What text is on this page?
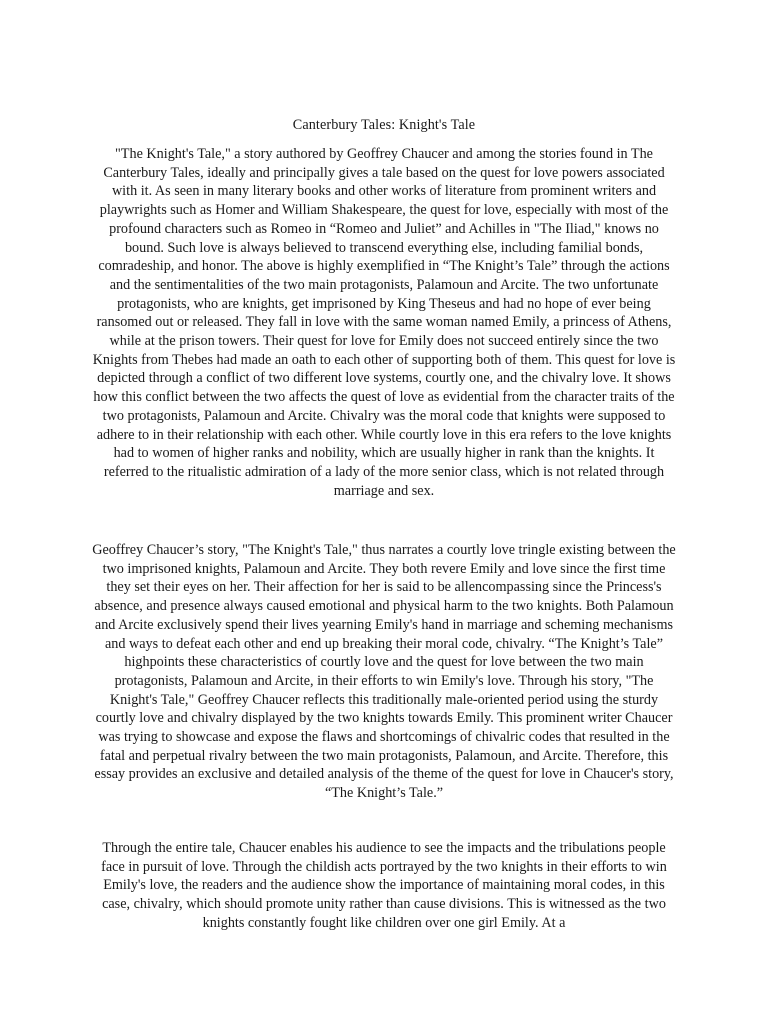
Canterbury Tales: Knight's Tale

"The Knight's Tale," a story authored by Geoffrey Chaucer and among the stories found in The Canterbury Tales, ideally and principally gives a tale based on the quest for love powers associated with it. As seen in many literary books and other works of literature from prominent writers and playwrights such as Homer and William Shakespeare, the quest for love, especially with most of the profound characters such as Romeo in “Romeo and Juliet” and Achilles in "The Iliad," knows no bound. Such love is always believed to transcend everything else, including familial bonds, comradeship, and honor. The above is highly exemplified in “The Knight’s Tale” through the actions and the sentimentalities of the two main protagonists, Palamoun and Arcite. The two unfortunate protagonists, who are knights, get imprisoned by King Theseus and had no hope of ever being ransomed out or released. They fall in love with the same woman named Emily, a princess of Athens, while at the prison towers. Their quest for love for Emily does not succeed entirely since the two Knights from Thebes had made an oath to each other of supporting both of them. This quest for love is depicted through a conflict of two different love systems, courtly one, and the chivalry love. It shows how this conflict between the two affects the quest of love as evidential from the character traits of the two protagonists, Palamoun and Arcite. Chivalry was the moral code that knights were supposed to adhere to in their relationship with each other. While courtly love in this era refers to the love knights had to women of higher ranks and nobility, which are usually higher in rank than the knights. It referred to the ritualistic admiration of a lady of the more senior class, which is not related through marriage and sex.

Geoffrey Chaucer’s story, "The Knight's Tale," thus narrates a courtly love tringle existing between the two imprisoned knights, Palamoun and Arcite. They both revere Emily and love since the first time they set their eyes on her. Their affection for her is said to be allencompassing since the Princess's absence, and presence always caused emotional and physical harm to the two knights. Both Palamoun and Arcite exclusively spend their lives yearning Emily's hand in marriage and scheming mechanisms and ways to defeat each other and end up breaking their moral code, chivalry. “The Knight’s Tale” highpoints these characteristics of courtly love and the quest for love between the two main protagonists, Palamoun and Arcite, in their efforts to win Emily's love. Through his story, "The Knight's Tale," Geoffrey Chaucer reflects this traditionally male-oriented period using the sturdy courtly love and chivalry displayed by the two knights towards Emily. This prominent writer Chaucer was trying to showcase and expose the flaws and shortcomings of chivalric codes that resulted in the fatal and perpetual rivalry between the two main protagonists, Palamoun, and Arcite. Therefore, this essay provides an exclusive and detailed analysis of the theme of the quest for love in Chaucer's story, “The Knight’s Tale.”

Through the entire tale, Chaucer enables his audience to see the impacts and the tribulations people face in pursuit of love. Through the childish acts portrayed by the two knights in their efforts to win Emily's love, the readers and the audience show the importance of maintaining moral codes, in this case, chivalry, which should promote unity rather than cause divisions. This is witnessed as the two knights constantly fought like children over one girl Emily. At a
